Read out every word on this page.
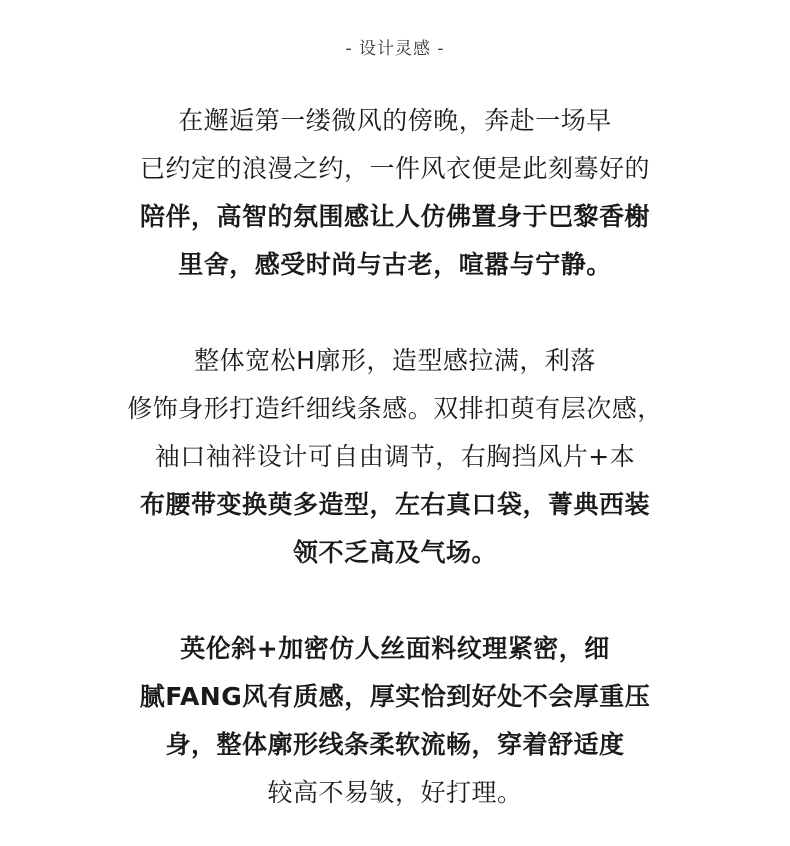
- 设计灵感 -
在邂逅第一缕微风的傍晚，奔赴一场早
已约定的浪漫之约，一件风衣便是此刻蓦好的
陪伴，高智的氛围感让人仿佛置身于巴黎香榭
里舍，感受时尚与古老，喧嚣与宁静。
整体宽松H廓形，造型感拉满，利落
修饰身形打造纤细线条感。双排扣萸有层次感，
袖口袖袢设计可自由调节，右胸挡风片+本
布腰带变换萸多造型，左右真口袋，菁典西装
领不乏高及气场。
英伦斜+加密仿人丝面料纹理紧密，细
腻FANG风有质感，厚实恰到好处不会厚重压
身，整体廓形线条柔软流畅，穿着舒适度
较高不易皱，好打理。
